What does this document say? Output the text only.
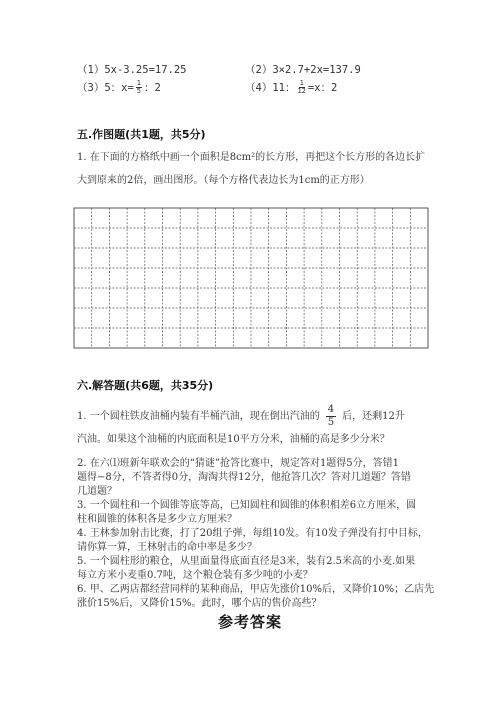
（1）5x-3.25=17.25	（2）3×2.7+2x=137.9
（3）5：$x= \frac{1}{5}$ ：2	（4）11： $\frac{1}{12} =x$：2
五.作图题(共1题，共5分)
1. 在下面的方格纸中画一个面积是8cm²的长方形，再把这个长方形的各边长扩
大到原来的2倍，画出图形。（每个方格代表边长为1cm的正方形）
六.解答题(共6题，共35分)
1. 一个圆柱铁皮油桶内装有半桶汽油，现在倒出汽油的 $\frac{4}{5}$ 后，还剩12升
汽油。如果这个油桶的内底面积是10平方分米，油桶的高是多少分米？
2. 在六⑴班新年联欢会的“猜谜”抢答比赛中，规定答对1题得5分，答错1
题得−8分，不答者得0分，淘淘共得12分，他抢答几次？答对几道题？答错
几道题？
3. 一个圆柱和一个圆锥等底等高，已知圆柱和圆锥的体积相差6立方厘米，圆
柱和圆锥的体积各是多少立方厘米？
4. 王林参加射击比赛，打了20组子弹，每组10发。有10发子弹没有打中目标，
请你算一算，王林射击的命中率是多少？
5. 一个圆柱形的粮仓，从里面量得底面直径是3米，装有2.5米高的小麦.如果
每立方米小麦重0.7吨，这个粮仓装有多少吨的小麦？
6. 甲、乙两店都经营同样的某种商品，甲店先涨价10%后，又降价10%；乙店先
涨价15%后，又降价15%。此时，哪个店的售价高些？
参考答案
